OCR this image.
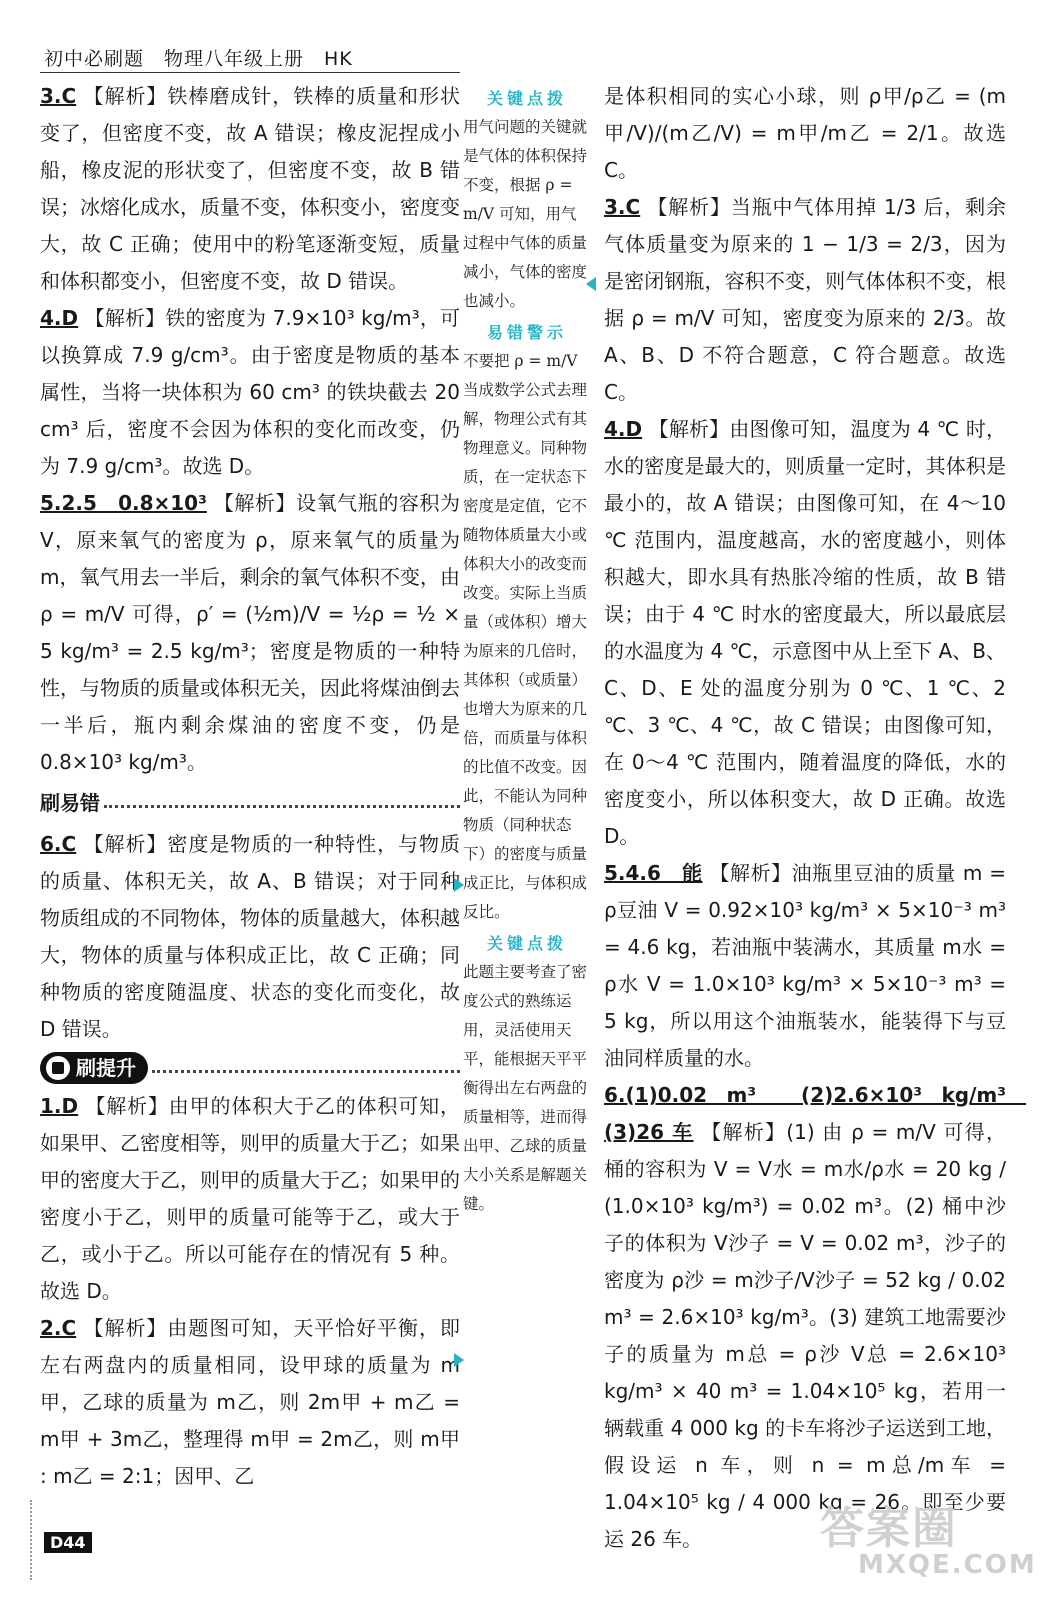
初中必刷题　物理八年级上册　HK

3.C 【解析】铁棒磨成针，铁棒的质量和形状变了，但密度不变，故 A 错误；橡皮泥捏成小船，橡皮泥的形状变了，但密度不变，故 B 错误；冰熔化成水，质量不变，体积变小，密度变大，故 C 正确；使用中的粉笔逐渐变短，质量和体积都变小，但密度不变，故 D 错误。

4.D 【解析】铁的密度为 7.9×10³ kg/m³，可以换算成 7.9 g/cm³。由于密度是物质的基本属性，当将一块体积为 60 cm³ 的铁块截去 20 cm³ 后，密度不会因为体积的变化而改变，仍为 7.9 g/cm³。故选 D。

5.2.5　0.8×10³ 【解析】设氧气瓶的容积为 V，原来氧气的密度为 ρ，原来氧气的质量为 m，氧气用去一半后，剩余的氧气体积不变，由 ρ = m/V 可得，ρ′ = (½m)/V = ½ρ = ½ × 5 kg/m³ = 2.5 kg/m³；密度是物质的一种特性，与物质的质量或体积无关，因此将煤油倒去一半后，瓶内剩余煤油的密度不变，仍是 0.8×10³ kg/m³。

刷易错

6.C 【解析】密度是物质的一种特性，与物质的质量、体积无关，故 A、B 错误；对于同种物质组成的不同物体，物体的质量越大，体积越大，物体的质量与体积成正比，故 C 正确；同种物质的密度随温度、状态的变化而变化，故 D 错误。

刷提升

1.D 【解析】由甲的体积大于乙的体积可知，如果甲、乙密度相等，则甲的质量大于乙；如果甲的密度大于乙，则甲的质量大于乙；如果甲的密度小于乙，则甲的质量可能等于乙，或大于乙，或小于乙。所以可能存在的情况有 5 种。故选 D。

2.C 【解析】由题图可知，天平恰好平衡，即左右两盘内的质量相同，设甲球的质量为 m甲，乙球的质量为 m乙，则 2m甲 + m乙 = m甲 + 3m乙，整理得 m甲 = 2m乙，则 m甲 : m乙 = 2:1；因甲、乙

关键点拨

用气问题的关键就是气体的体积保持不变，根据 ρ = m/V 可知，用气过程中气体的质量减小，气体的密度也减小。

易错警示

不要把 ρ = m/V 当成数学公式去理解，物理公式有其物理意义。同种物质，在一定状态下密度是定值，它不随物体质量大小或体积大小的改变而改变。实际上当质量（或体积）增大为原来的几倍时，其体积（或质量）也增大为原来的几倍，而质量与体积的比值不改变。因此，不能认为同种物质（同种状态下）的密度与质量成正比，与体积成反比。

关键点拨

此题主要考查了密度公式的熟练运用，灵活使用天平，能根据天平平衡得出左右两盘的质量相等，进而得出甲、乙球的质量大小关系是解题关键。

是体积相同的实心小球，则 ρ甲/ρ乙 = (m甲/V)/(m乙/V) = m甲/m乙 = 2/1。故选 C。

3.C 【解析】当瓶中气体用掉 1/3 后，剩余气体质量变为原来的 1 − 1/3 = 2/3，因为是密闭钢瓶，容积不变，则气体体积不变，根据 ρ = m/V 可知，密度变为原来的 2/3。故 A、B、D 不符合题意，C 符合题意。故选 C。

4.D 【解析】由图像可知，温度为 4 ℃ 时，水的密度是最大的，则质量一定时，其体积是最小的，故 A 错误；由图像可知，在 4～10 ℃ 范围内，温度越高，水的密度越小，则体积越大，即水具有热胀冷缩的性质，故 B 错误；由于 4 ℃ 时水的密度最大，所以最底层的水温度为 4 ℃，示意图中从上至下 A、B、C、D、E 处的温度分别为 0 ℃、1 ℃、2 ℃、3 ℃、4 ℃，故 C 错误；由图像可知，在 0～4 ℃ 范围内，随着温度的降低，水的密度变小，所以体积变大，故 D 正确。故选 D。

5.4.6　能 【解析】油瓶里豆油的质量 m = ρ豆油 V = 0.92×10³ kg/m³ × 5×10⁻³ m³ = 4.6 kg，若油瓶中装满水，其质量 m水 = ρ水 V = 1.0×10³ kg/m³ × 5×10⁻³ m³ = 5 kg，所以用这个油瓶装水，能装得下与豆油同样质量的水。

6.(1)0.02 m³　(2)2.6×10³ kg/m³　(3)26 车 【解析】(1) 由 ρ = m/V 可得，桶的容积为 V = V水 = m水/ρ水 = 20 kg / (1.0×10³ kg/m³) = 0.02 m³。(2) 桶中沙子的体积为 V沙子 = V = 0.02 m³，沙子的密度为 ρ沙 = m沙子/V沙子 = 52 kg / 0.02 m³ = 2.6×10³ kg/m³。(3) 建筑工地需要沙子的质量为 m总 = ρ沙 V总 = 2.6×10³ kg/m³ × 40 m³ = 1.04×10⁵ kg，若用一辆载重 4 000 kg 的卡车将沙子运送到工地，假设运 n 车，则 n = m总/m车 = 1.04×10⁵ kg / 4 000 kg = 26。即至少要运 26 车。

D44	答案圈
MXQE.COM
